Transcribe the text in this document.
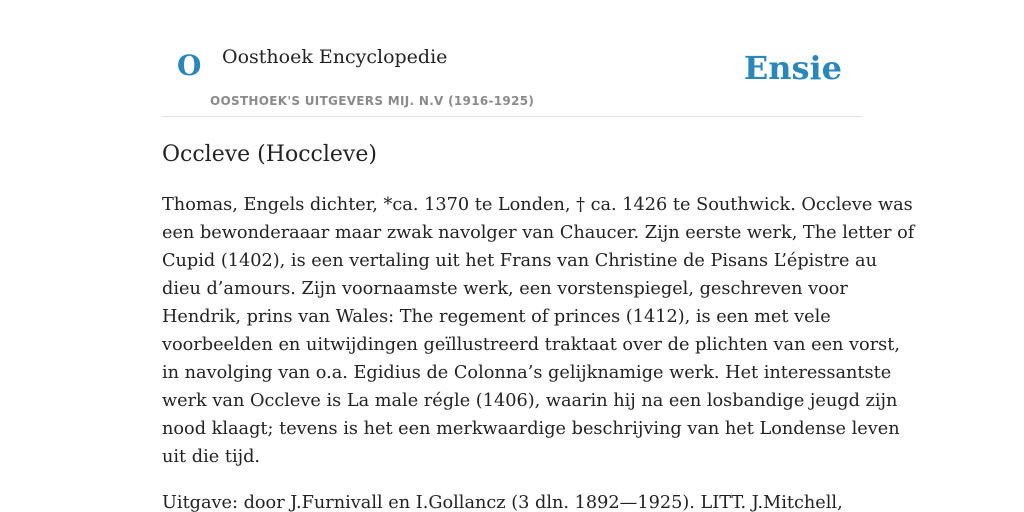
O Oosthoek Encyclopedie	Ensie
OOSTHOEK'S UITGEVERS MIJ. N.V (1916-1925)
Occleve (Hoccleve)

Thomas, Engels dichter, *ca. 1370 te Londen, † ca. 1426 te Southwick. Occleve was
een bewonderaaar maar zwak navolger van Chaucer. Zijn eerste werk, The letter of
Cupid (1402), is een vertaling uit het Frans van Christine de Pisans L’épistre au
dieu d’amours. Zijn voornaamste werk, een vorstenspiegel, geschreven voor
Hendrik, prins van Wales: The regement of princes (1412), is een met vele
voorbeelden en uitwijdingen geïllustreerd traktaat over de plichten van een vorst,
in navolging van o.a. Egidius de Colonna’s gelijknamige werk. Het interessantste
werk van Occleve is La male régle (1406), waarin hij na een losbandige jeugd zijn
nood klaagt; tevens is het een merkwaardige beschrijving van het Londense leven
uit die tijd.

Uitgave: door J.Furnivall en I.Gollancz (3 dln. 1892—1925). LITT. J.Mitchell,
